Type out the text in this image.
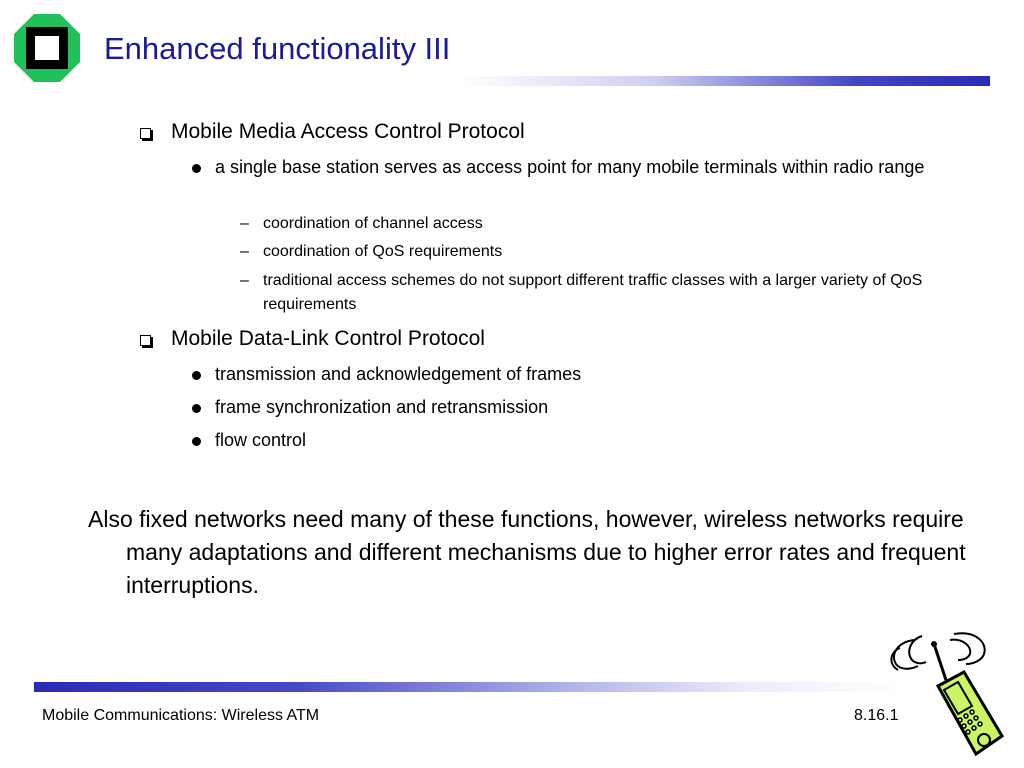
Enhanced functionality III
Mobile Media Access Control Protocol
a single base station serves as access point for many mobile terminals within radio range
– coordination of channel access
– coordination of QoS requirements
– traditional access schemes do not support different traffic classes with a larger variety of QoS requirements
Mobile Data-Link Control Protocol
transmission and acknowledgement of frames
frame synchronization and retransmission
flow control
Also fixed networks need many of these functions, however, wireless networks require many adaptations and different mechanisms due to higher error rates and frequent interruptions.
Mobile Communications: Wireless ATM	8.16.1
